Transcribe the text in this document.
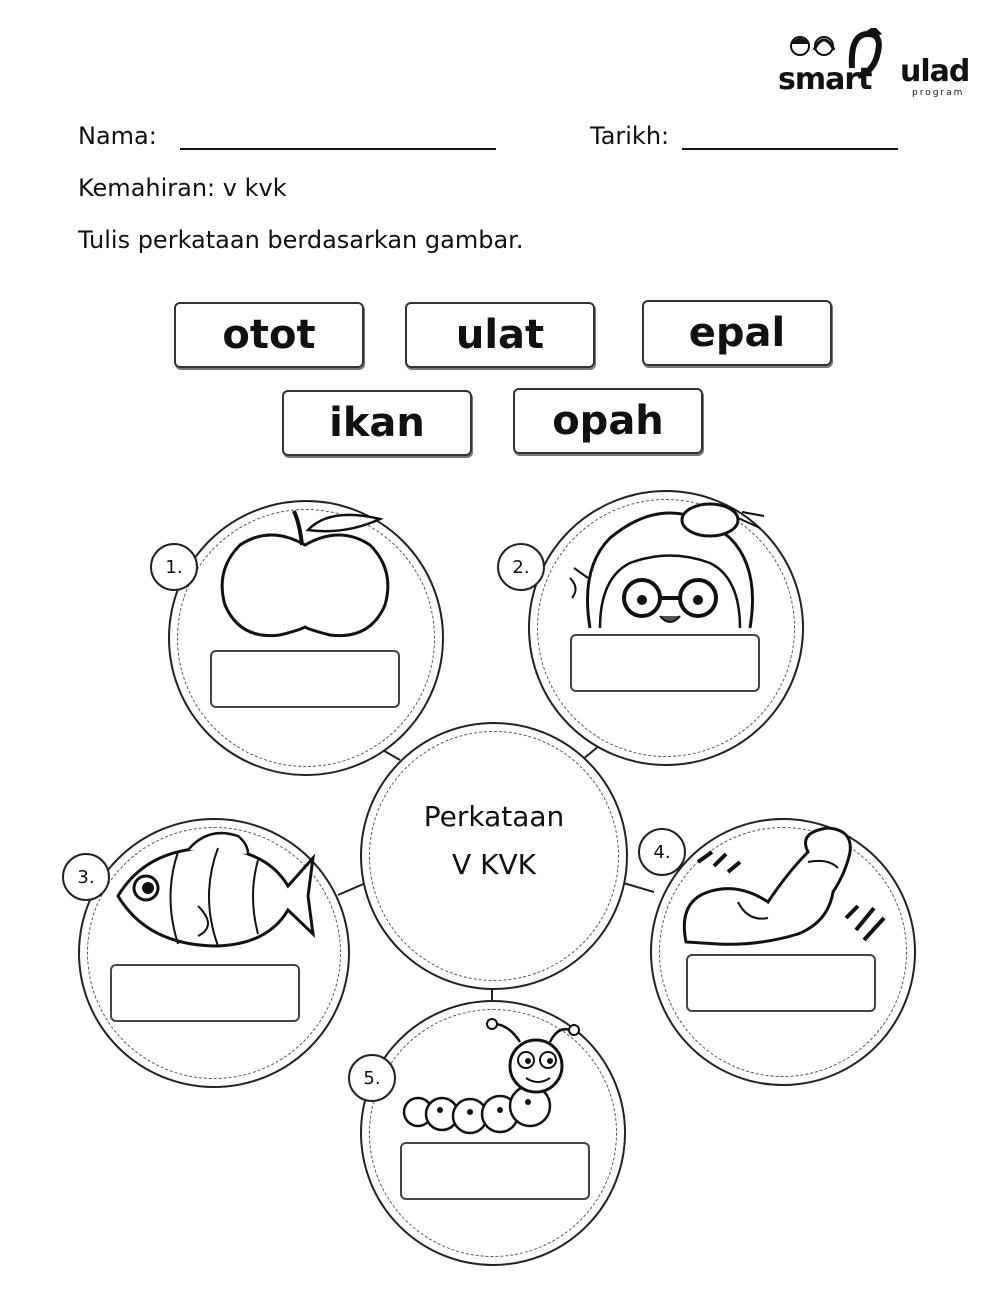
smart ulad
program
Nama:	Tarikh:
Kemahiran: v kvk
Tulis perkataan berdasarkan gambar.
otot	ulat	epal
ikan	opah
Perkataan
V KVK
1.	2.
3.
4.
5.
